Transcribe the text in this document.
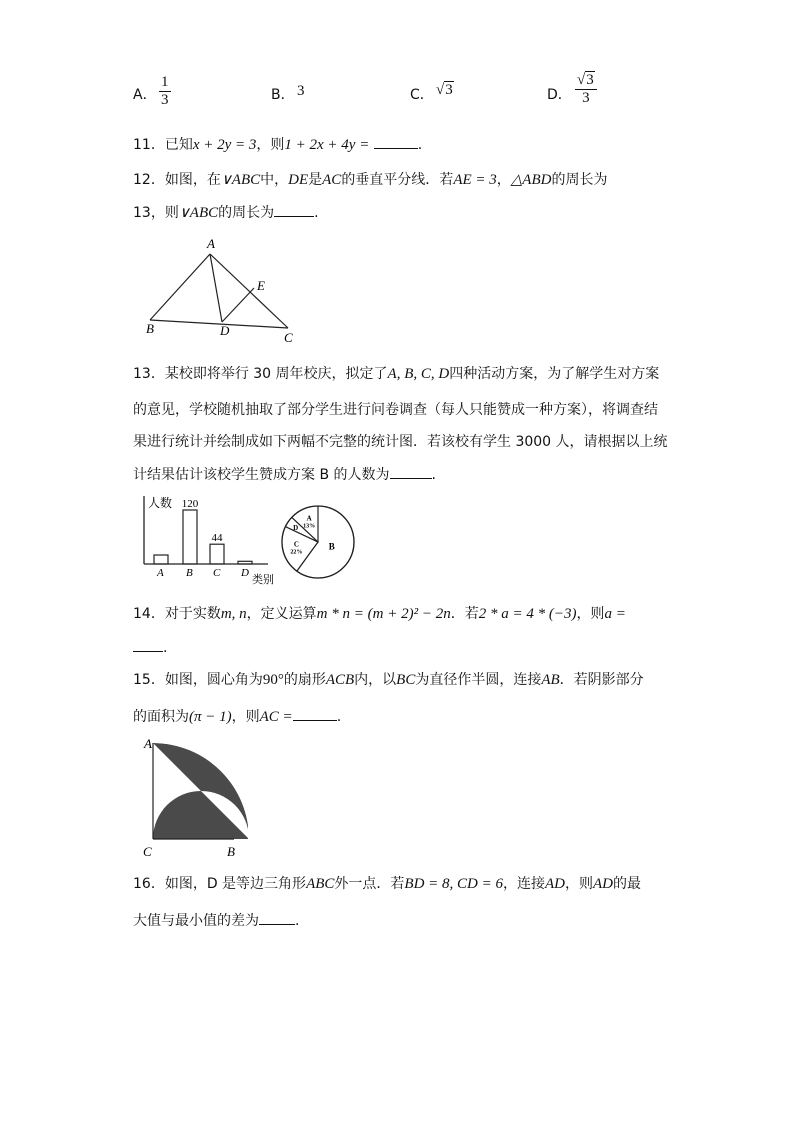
A． $\frac{1}{3}$	B． 3	C． √3	D． $\frac{√3}{3}$
11．已知x + 2y = 3，则1 + 2x + 4y =	.
12．如图，在∨ABC中，DE是AC的垂直平分线．若AE = 3，△ABD的周长为
13，则∨ABC的周长为	.
A
B
C
D
E
13．某校即将举行 30 周年校庆，拟定了A, B, C, D四种活动方案，为了解学生对方案
的意见，学校随机抽取了部分学生进行问卷调查（每人只能赞成一种方案），将调查结
果进行统计并绘制成如下两幅不完整的统计图．若该校有学生 3000 人，请根据以上统
计结果估计该校学生赞成方案 B 的人数为	.
人数
类别
A B
120
C
44
D
B
C
22%
D
A
13%
14．对于实数m, n，定义运算m * n = (m + 2)² − 2n．若2 * a = 4 * (−3)，则a =
.
15．如图，圆心角为90°的扇形ACB内，以BC为直径作半圆，连接AB．若阴影部分
的面积为(π − 1)，则AC =	.
A
C	B
16．如图，D 是等边三角形ABC外一点．若BD = 8, CD = 6，连接AD，则AD的最
大值与最小值的差为	.
